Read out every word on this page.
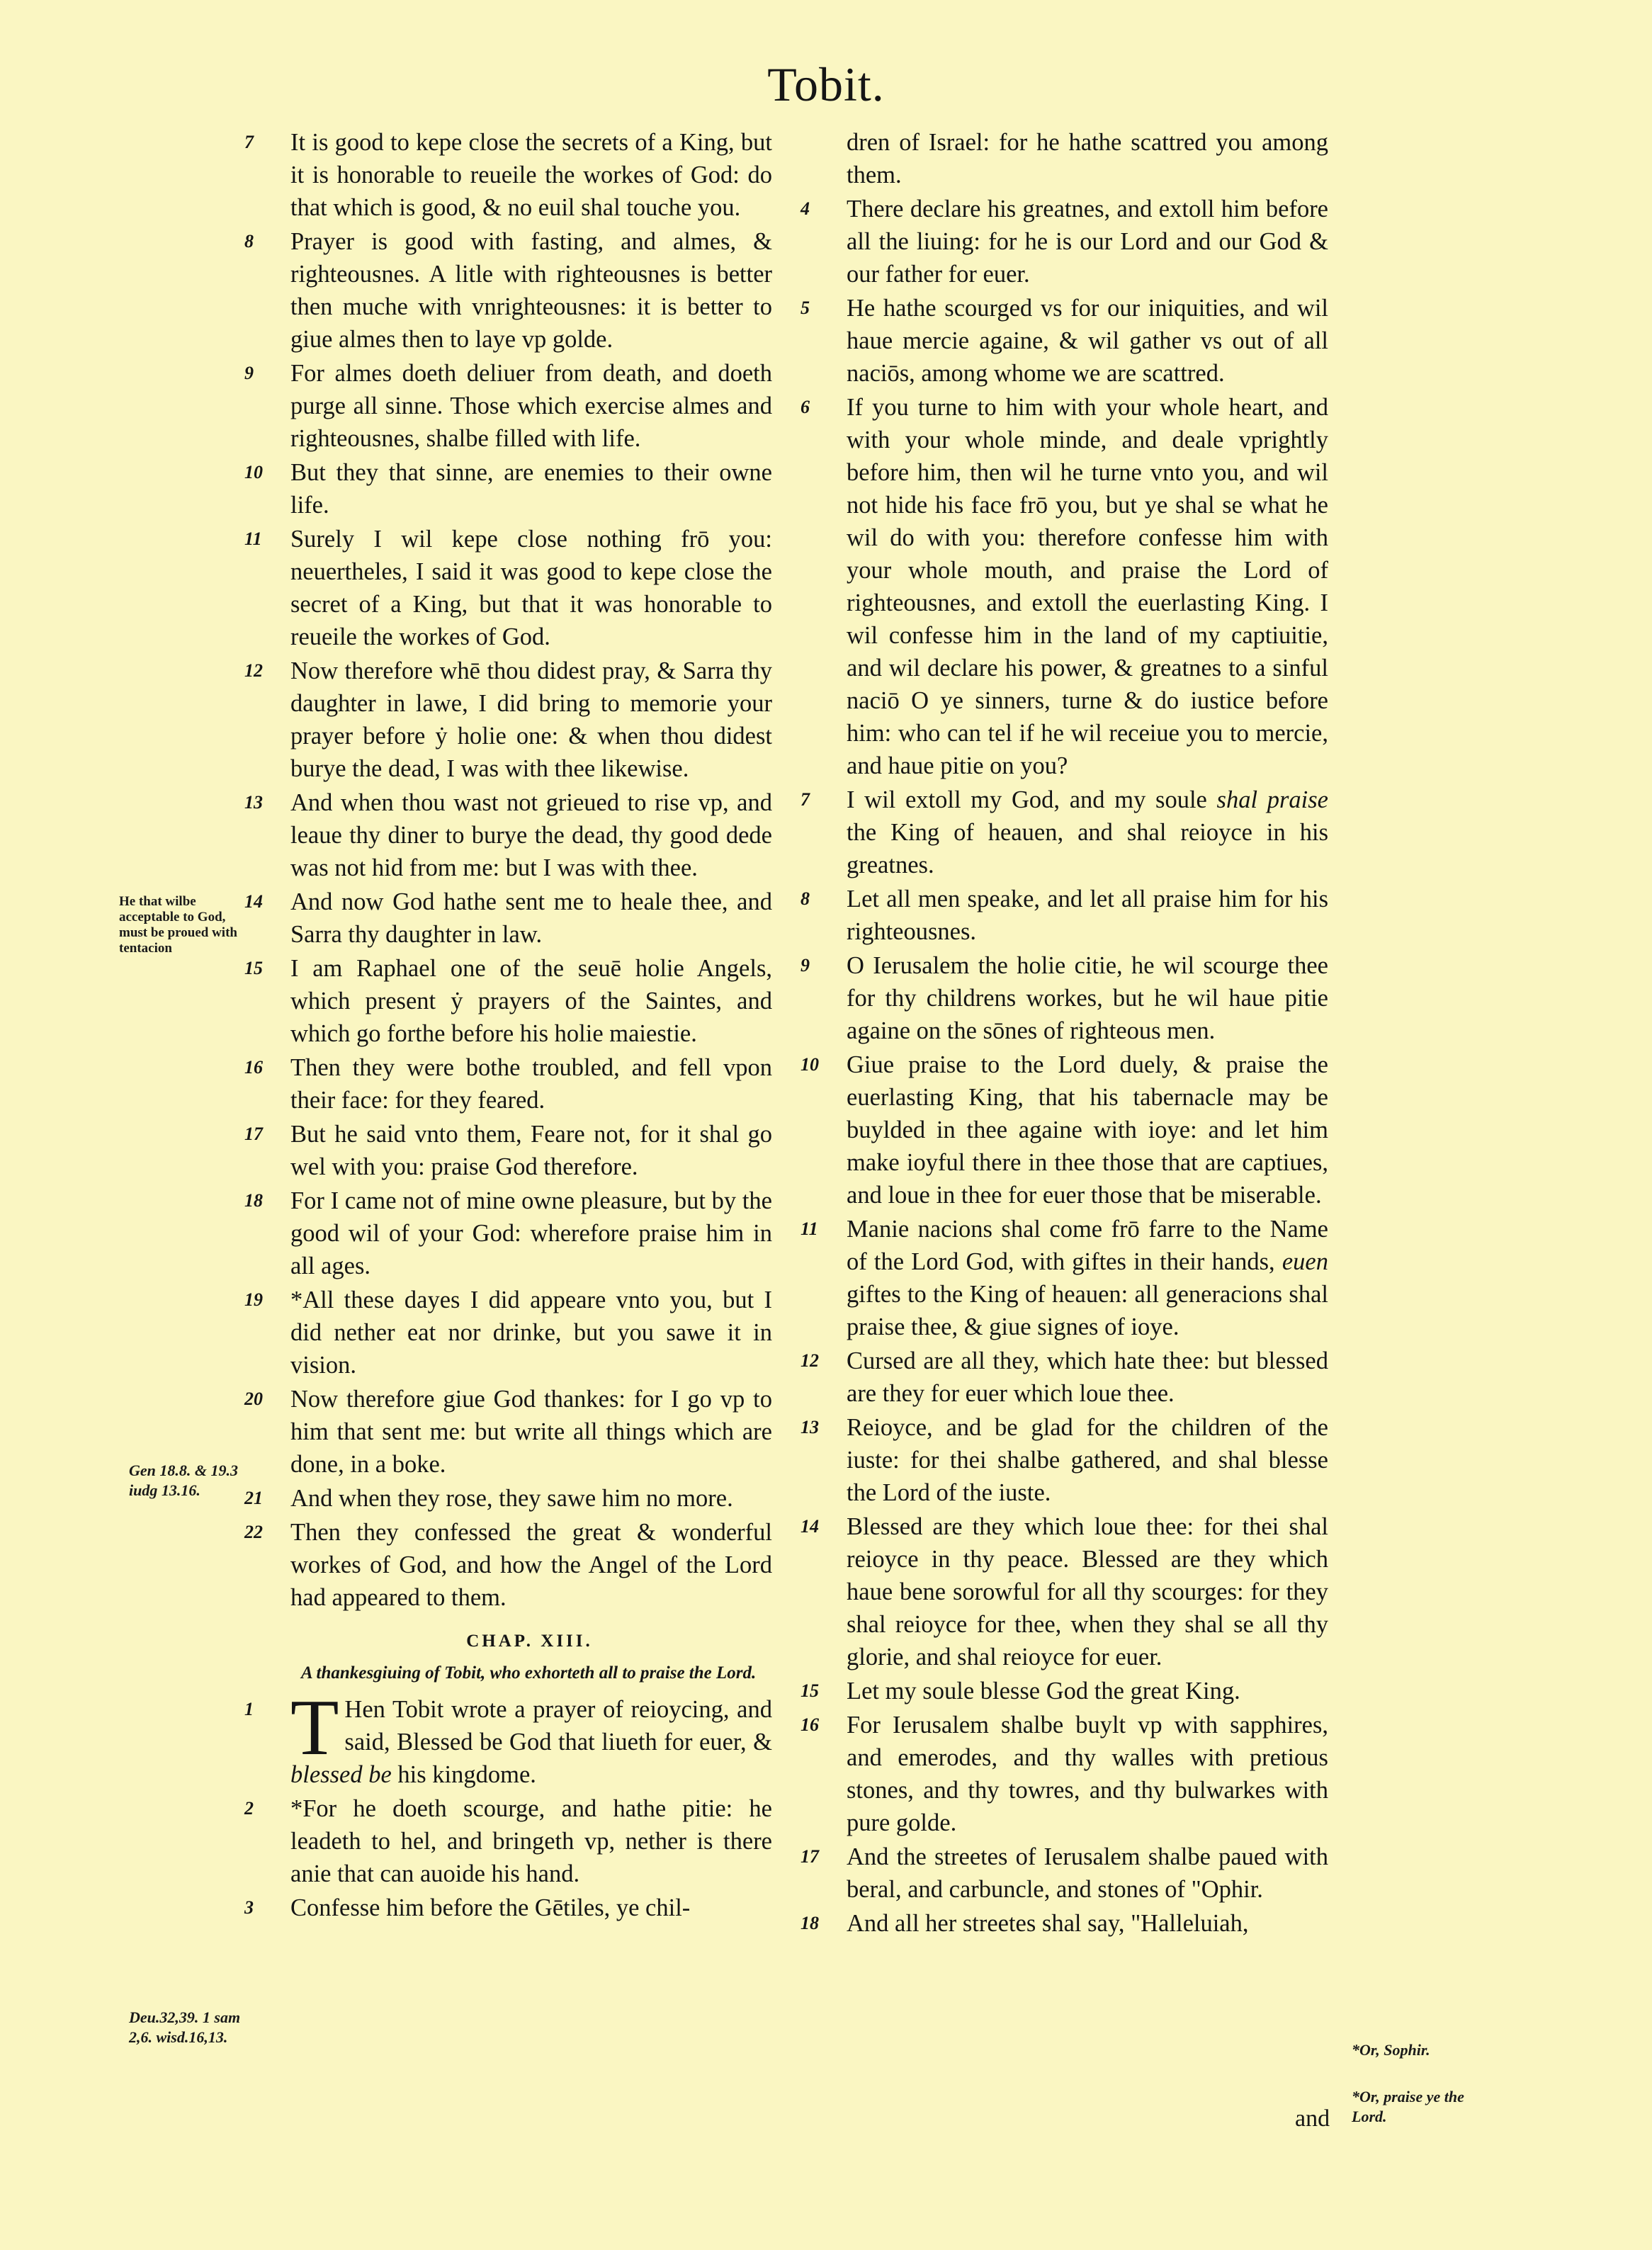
Tobit.
7	It is good to kepe close the secrets of a King, but it is honorable to reueile the workes of God: do that which is good, & no euil shal touche you.
8	Prayer is good with fasting, and almes, & righteousnes. A litle with righteousnes is better then muche with vnrighteousnes: it is better to giue almes then to laye vp golde.
9	For almes doeth deliuer from death, and doeth purge all sinne. Those which exercise almes and righteousnes, shalbe filled with life.
10	But they that sinne, are enemies to their owne life.
11	Surely I wil kepe close nothing frō you: neuertheles, I said it was good to kepe close the secret of a King, but that it was honorable to reueile the workes of God.
12	Now therefore whē thou didest pray, & Sarra thy daughter in lawe, I did bring to memorie your prayer before ẏ holie one: & when thou didest burye the dead, I was with thee likewise.
13	And when thou wast not grieued to rise vp, and leaue thy diner to burye the dead, thy good dede was not hid from me: but I was with thee.
14	And now God hathe sent me to heale thee, and Sarra thy daughter in law.
15	I am Raphael one of the seuē holie Angels, which present ẏ prayers of the Saintes, and which go forthe before his holie maiestie.
16	Then they were bothe troubled, and fell vpon their face: for they feared.
17	But he said vnto them, Feare not, for it shal go wel with you: praise God therefore.
18	For I came not of mine owne pleasure, but by the good wil of your God: wherefore praise him in all ages.
19	*All these dayes I did appeare vnto you, but I did nether eat nor drinke, but you sawe it in vision.
20	Now therefore giue God thankes: for I go vp to him that sent me: but write all things which are done, in a boke.
21	And when they rose, they sawe him no more.
22	Then they confessed the great & wonderful workes of God, and how the Angel of the Lord had appeared to them.
CHAP. XIII.
A thankesgiuing of Tobit, who exhorteth all to praise the Lord.
1 T Hen Tobit wrote a prayer of reioycing, and said, Blessed be God that liueth for euer, & blessed be his kingdome.
2	*For he doeth scourge, and hathe pitie: he leadeth to hel, and bringeth vp, nether is there anie that can auoide his hand.
3	Confesse him before the Gētiles, ye chil-
dren of Israel: for he hathe scattred you among them.
4	There declare his greatnes, and extoll him before all the liuing: for he is our Lord and our God & our father for euer.
5	He hathe scourged vs for our iniquities, and wil haue mercie againe, & wil gather vs out of all naciōs, among whome we are scattred.
6	If you turne to him with your whole heart, and with your whole minde, and deale vprightly before him, then wil he turne vnto you, and wil not hide his face frō you, but ye shal se what he wil do with you: therefore confesse him with your whole mouth, and praise the Lord of righteousnes, and extoll the euerlasting King. I wil confesse him in the land of my captiuitie, and wil declare his power, & greatnes to a sinful naciō O ye sinners, turne & do iustice before him: who can tel if he wil receiue you to mercie, and haue pitie on you?
7	I wil extoll my God, and my soule shal praise the King of heauen, and shal reioyce in his greatnes.
8	Let all men speake, and let all praise him for his righteousnes.
9	O Ierusalem the holie citie, he wil scourge thee for thy childrens workes, but he wil haue pitie againe on the sōnes of righteous men.
10	Giue praise to the Lord duely, & praise the euerlasting King, that his tabernacle may be buylded in thee againe with ioye: and let him make ioyful there in thee those that are captiues, and loue in thee for euer those that be miserable.
11	Manie nacions shal come frō farre to the Name of the Lord God, with giftes in their hands, euen giftes to the King of heauen: all generacions shal praise thee, & giue signes of ioye.
12	Cursed are all they, which hate thee: but blessed are they for euer which loue thee.
13	Reioyce, and be glad for the children of the iuste: for thei shalbe gathered, and shal blesse the Lord of the iuste.
14	Blessed are they which loue thee: for thei shal reioyce in thy peace. Blessed are they which haue bene sorowful for all thy scourges: for they shal reioyce for thee, when they shal se all thy glorie, and shal reioyce for euer.
15	Let my soule blesse God the great King.
16	For Ierusalem shalbe buylt vp with sapphires, and emerodes, and thy walles with pretious stones, and thy towres, and thy bulwarkes with pure golde.
17	And the streetes of Ierusalem shalbe paued with beral, and carbuncle, and stones of "Ophir.
18	And all her streetes shal say, "Halleluiah,
He that wilbe acceptable to God, must be proued with tentacion
Gen 18.8. & 19.3 iudg 13.16.
Deu.32,39. 1 sam 2,6. wisd.16,13.
*Or, Sophir.
*Or, praise ye the Lord.
and
